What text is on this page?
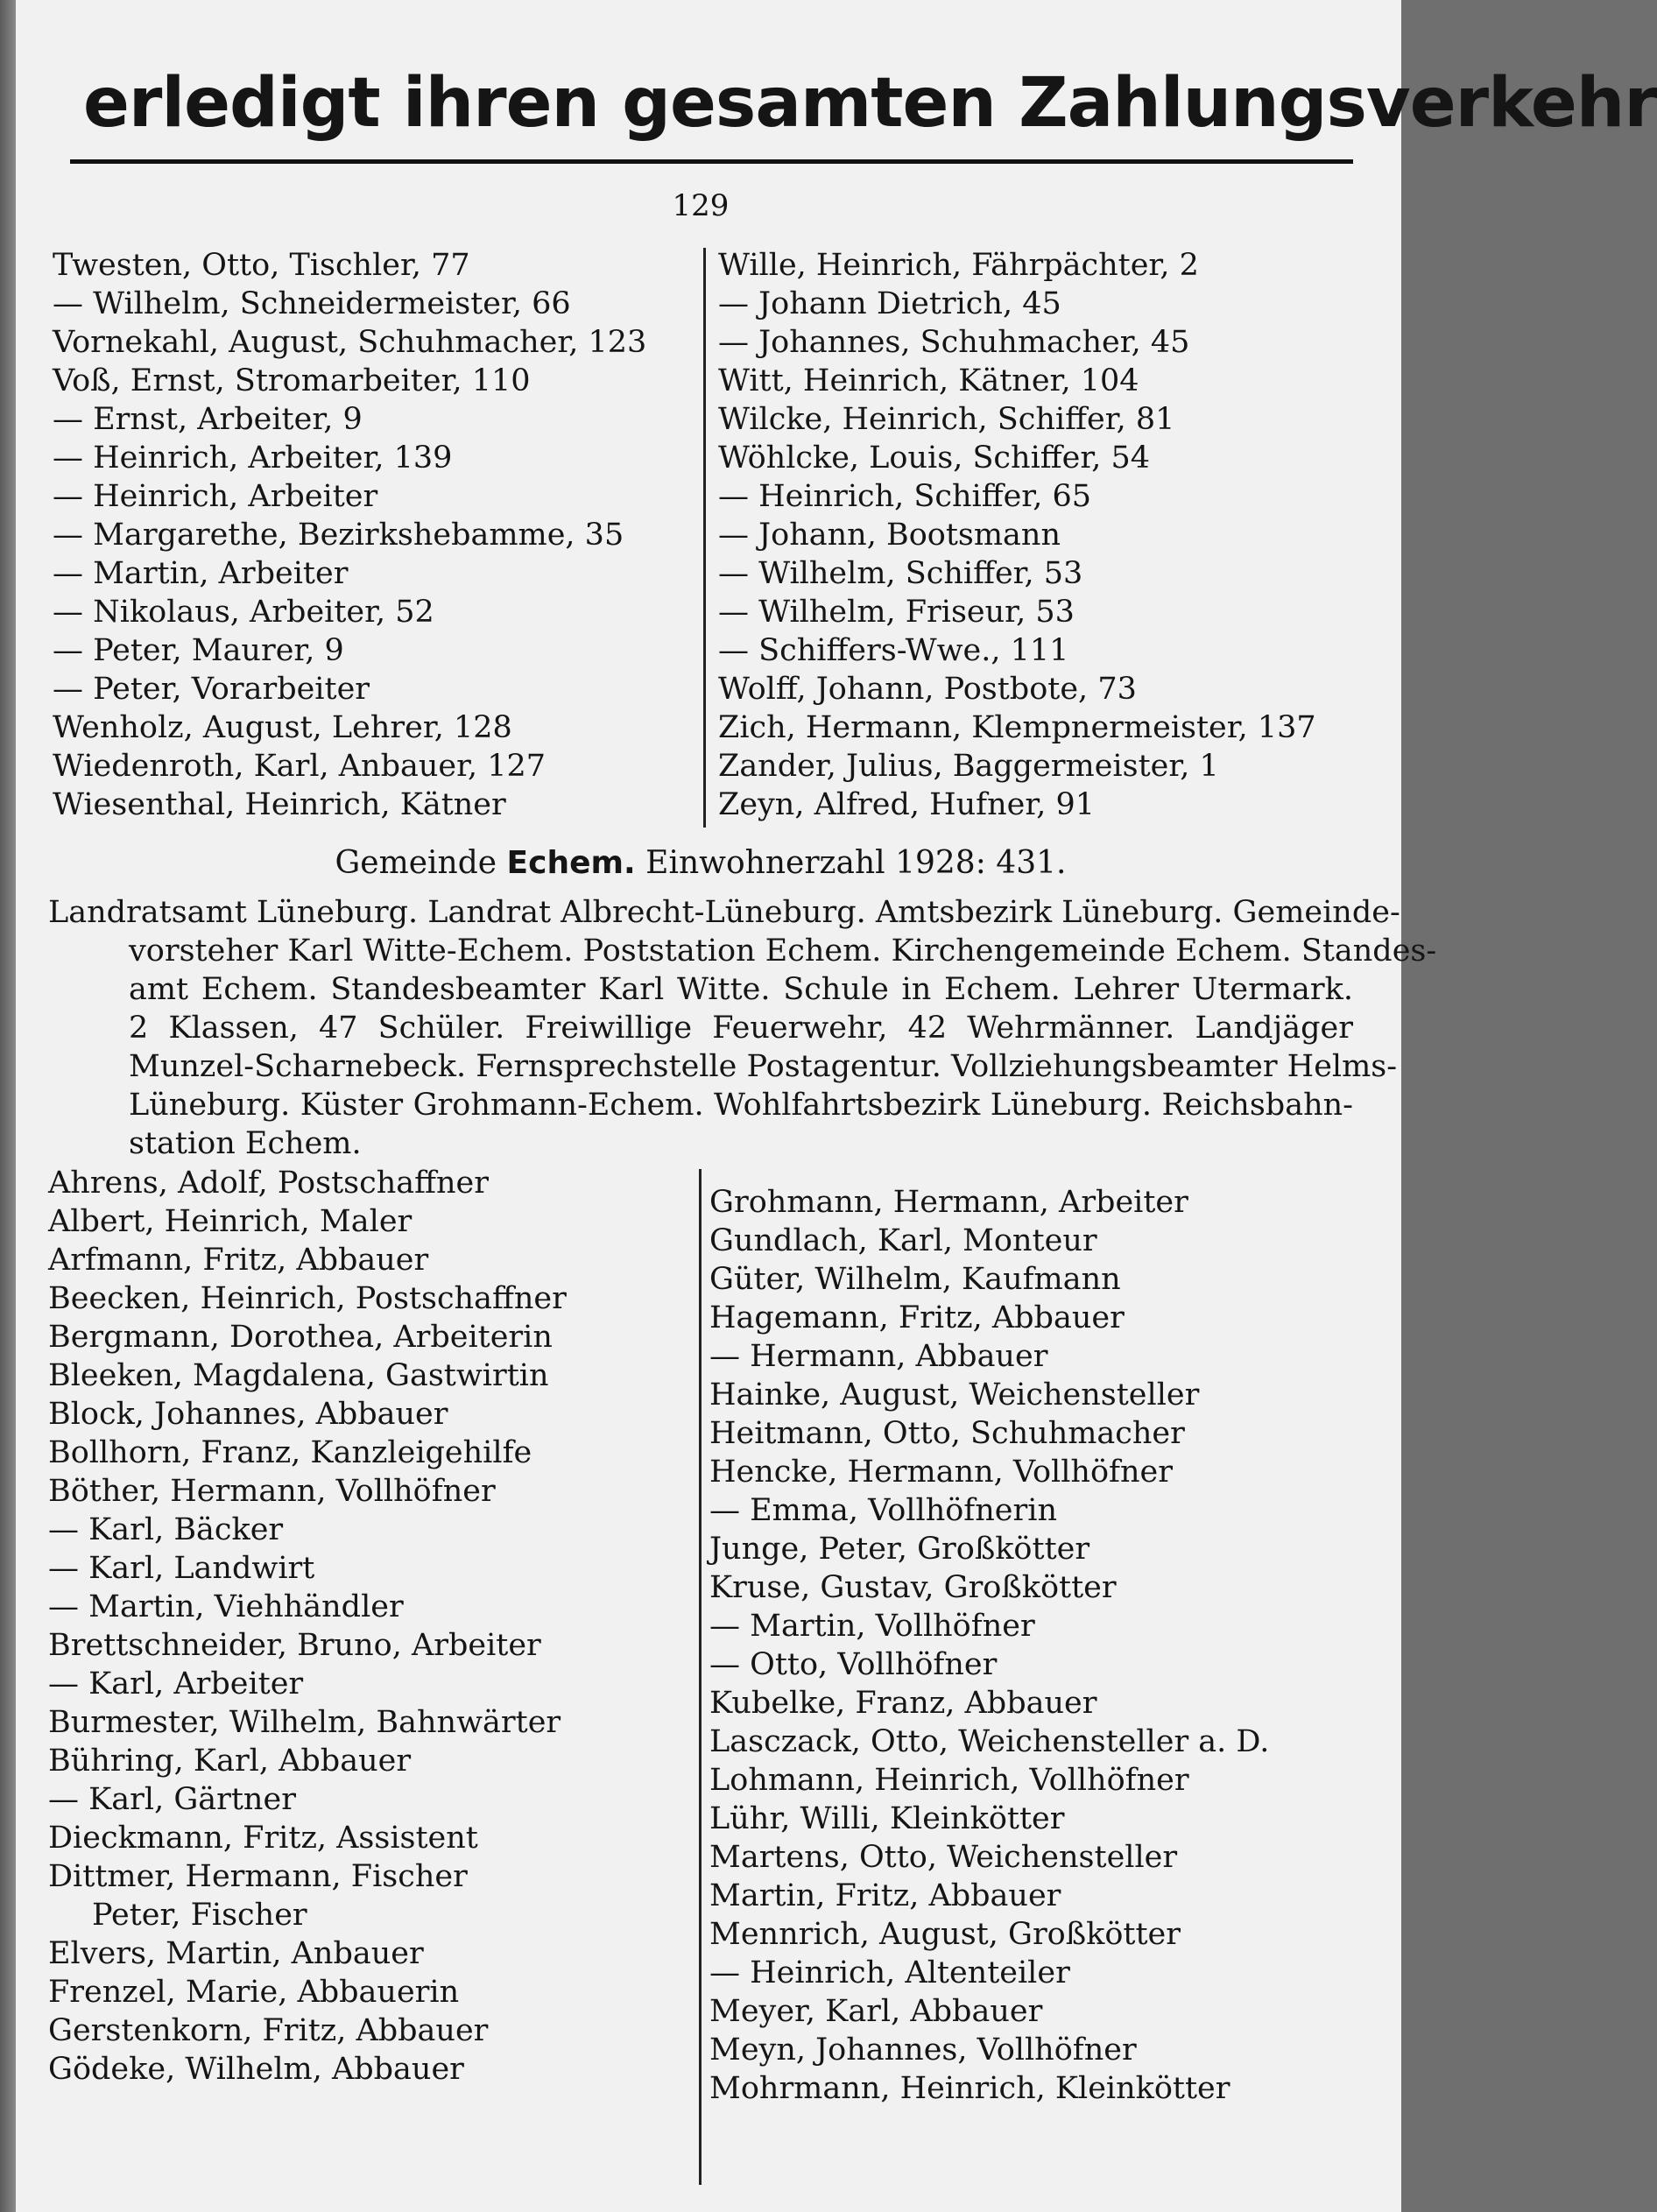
erledigt ihren gesamten Zahlungsverkehr
129
Twesten, Otto, Tischler, 77
— Wilhelm, Schneidermeister, 66
Vornekahl, August, Schuhmacher, 123
Voß, Ernst, Stromarbeiter, 110
— Ernst, Arbeiter, 9
— Heinrich, Arbeiter, 139
— Heinrich, Arbeiter
— Margarethe, Bezirkshebamme, 35
— Martin, Arbeiter
— Nikolaus, Arbeiter, 52
— Peter, Maurer, 9
— Peter, Vorarbeiter
Wenholz, August, Lehrer, 128
Wiedenroth, Karl, Anbauer, 127
Wiesenthal, Heinrich, Kätner
Wille, Heinrich, Fährpächter, 2
— Johann Dietrich, 45
— Johannes, Schuhmacher, 45
Witt, Heinrich, Kätner, 104
Wilcke, Heinrich, Schiffer, 81
Wöhlcke, Louis, Schiffer, 54
— Heinrich, Schiffer, 65
— Johann, Bootsmann
— Wilhelm, Schiffer, 53
— Wilhelm, Friseur, 53
— Schiffers-Wwe., 111
Wolff, Johann, Postbote, 73
Zich, Hermann, Klempnermeister, 137
Zander, Julius, Baggermeister, 1
Zeyn, Alfred, Hufner, 91
Gemeinde Echem. Einwohnerzahl 1928: 431.
Landratsamt Lüneburg. Landrat Albrecht-Lüneburg. Amtsbezirk Lüneburg. Gemeinde-
vorsteher Karl Witte-Echem. Poststation Echem. Kirchengemeinde Echem. Standes-
amt Echem. Standesbeamter Karl Witte. Schule in Echem. Lehrer Utermark.
2 Klassen, 47 Schüler. Freiwillige Feuerwehr, 42 Wehrmänner. Landjäger
Munzel-Scharnebeck. Fernsprechstelle Postagentur. Vollziehungsbeamter Helms-
Lüneburg. Küster Grohmann-Echem. Wohlfahrtsbezirk Lüneburg. Reichsbahn-
station Echem.
Ahrens, Adolf, Postschaffner
Albert, Heinrich, Maler
Arfmann, Fritz, Abbauer
Beecken, Heinrich, Postschaffner
Bergmann, Dorothea, Arbeiterin
Bleeken, Magdalena, Gastwirtin
Block, Johannes, Abbauer
Bollhorn, Franz, Kanzleigehilfe
Böther, Hermann, Vollhöfner
— Karl, Bäcker
— Karl, Landwirt
— Martin, Viehhändler
Brettschneider, Bruno, Arbeiter
— Karl, Arbeiter
Burmester, Wilhelm, Bahnwärter
Bühring, Karl, Abbauer
— Karl, Gärtner
Dieckmann, Fritz, Assistent
Dittmer, Hermann, Fischer
Peter, Fischer
Elvers, Martin, Anbauer
Frenzel, Marie, Abbauerin
Gerstenkorn, Fritz, Abbauer
Gödeke, Wilhelm, Abbauer
Grohmann, Hermann, Arbeiter
Gundlach, Karl, Monteur
Güter, Wilhelm, Kaufmann
Hagemann, Fritz, Abbauer
— Hermann, Abbauer
Hainke, August, Weichensteller
Heitmann, Otto, Schuhmacher
Hencke, Hermann, Vollhöfner
— Emma, Vollhöfnerin
Junge, Peter, Großkötter
Kruse, Gustav, Großkötter
— Martin, Vollhöfner
— Otto, Vollhöfner
Kubelke, Franz, Abbauer
Lasczack, Otto, Weichensteller a. D.
Lohmann, Heinrich, Vollhöfner
Lühr, Willi, Kleinkötter
Martens, Otto, Weichensteller
Martin, Fritz, Abbauer
Mennrich, August, Großkötter
— Heinrich, Altenteiler
Meyer, Karl, Abbauer
Meyn, Johannes, Vollhöfner
Mohrmann, Heinrich, Kleinkötter
